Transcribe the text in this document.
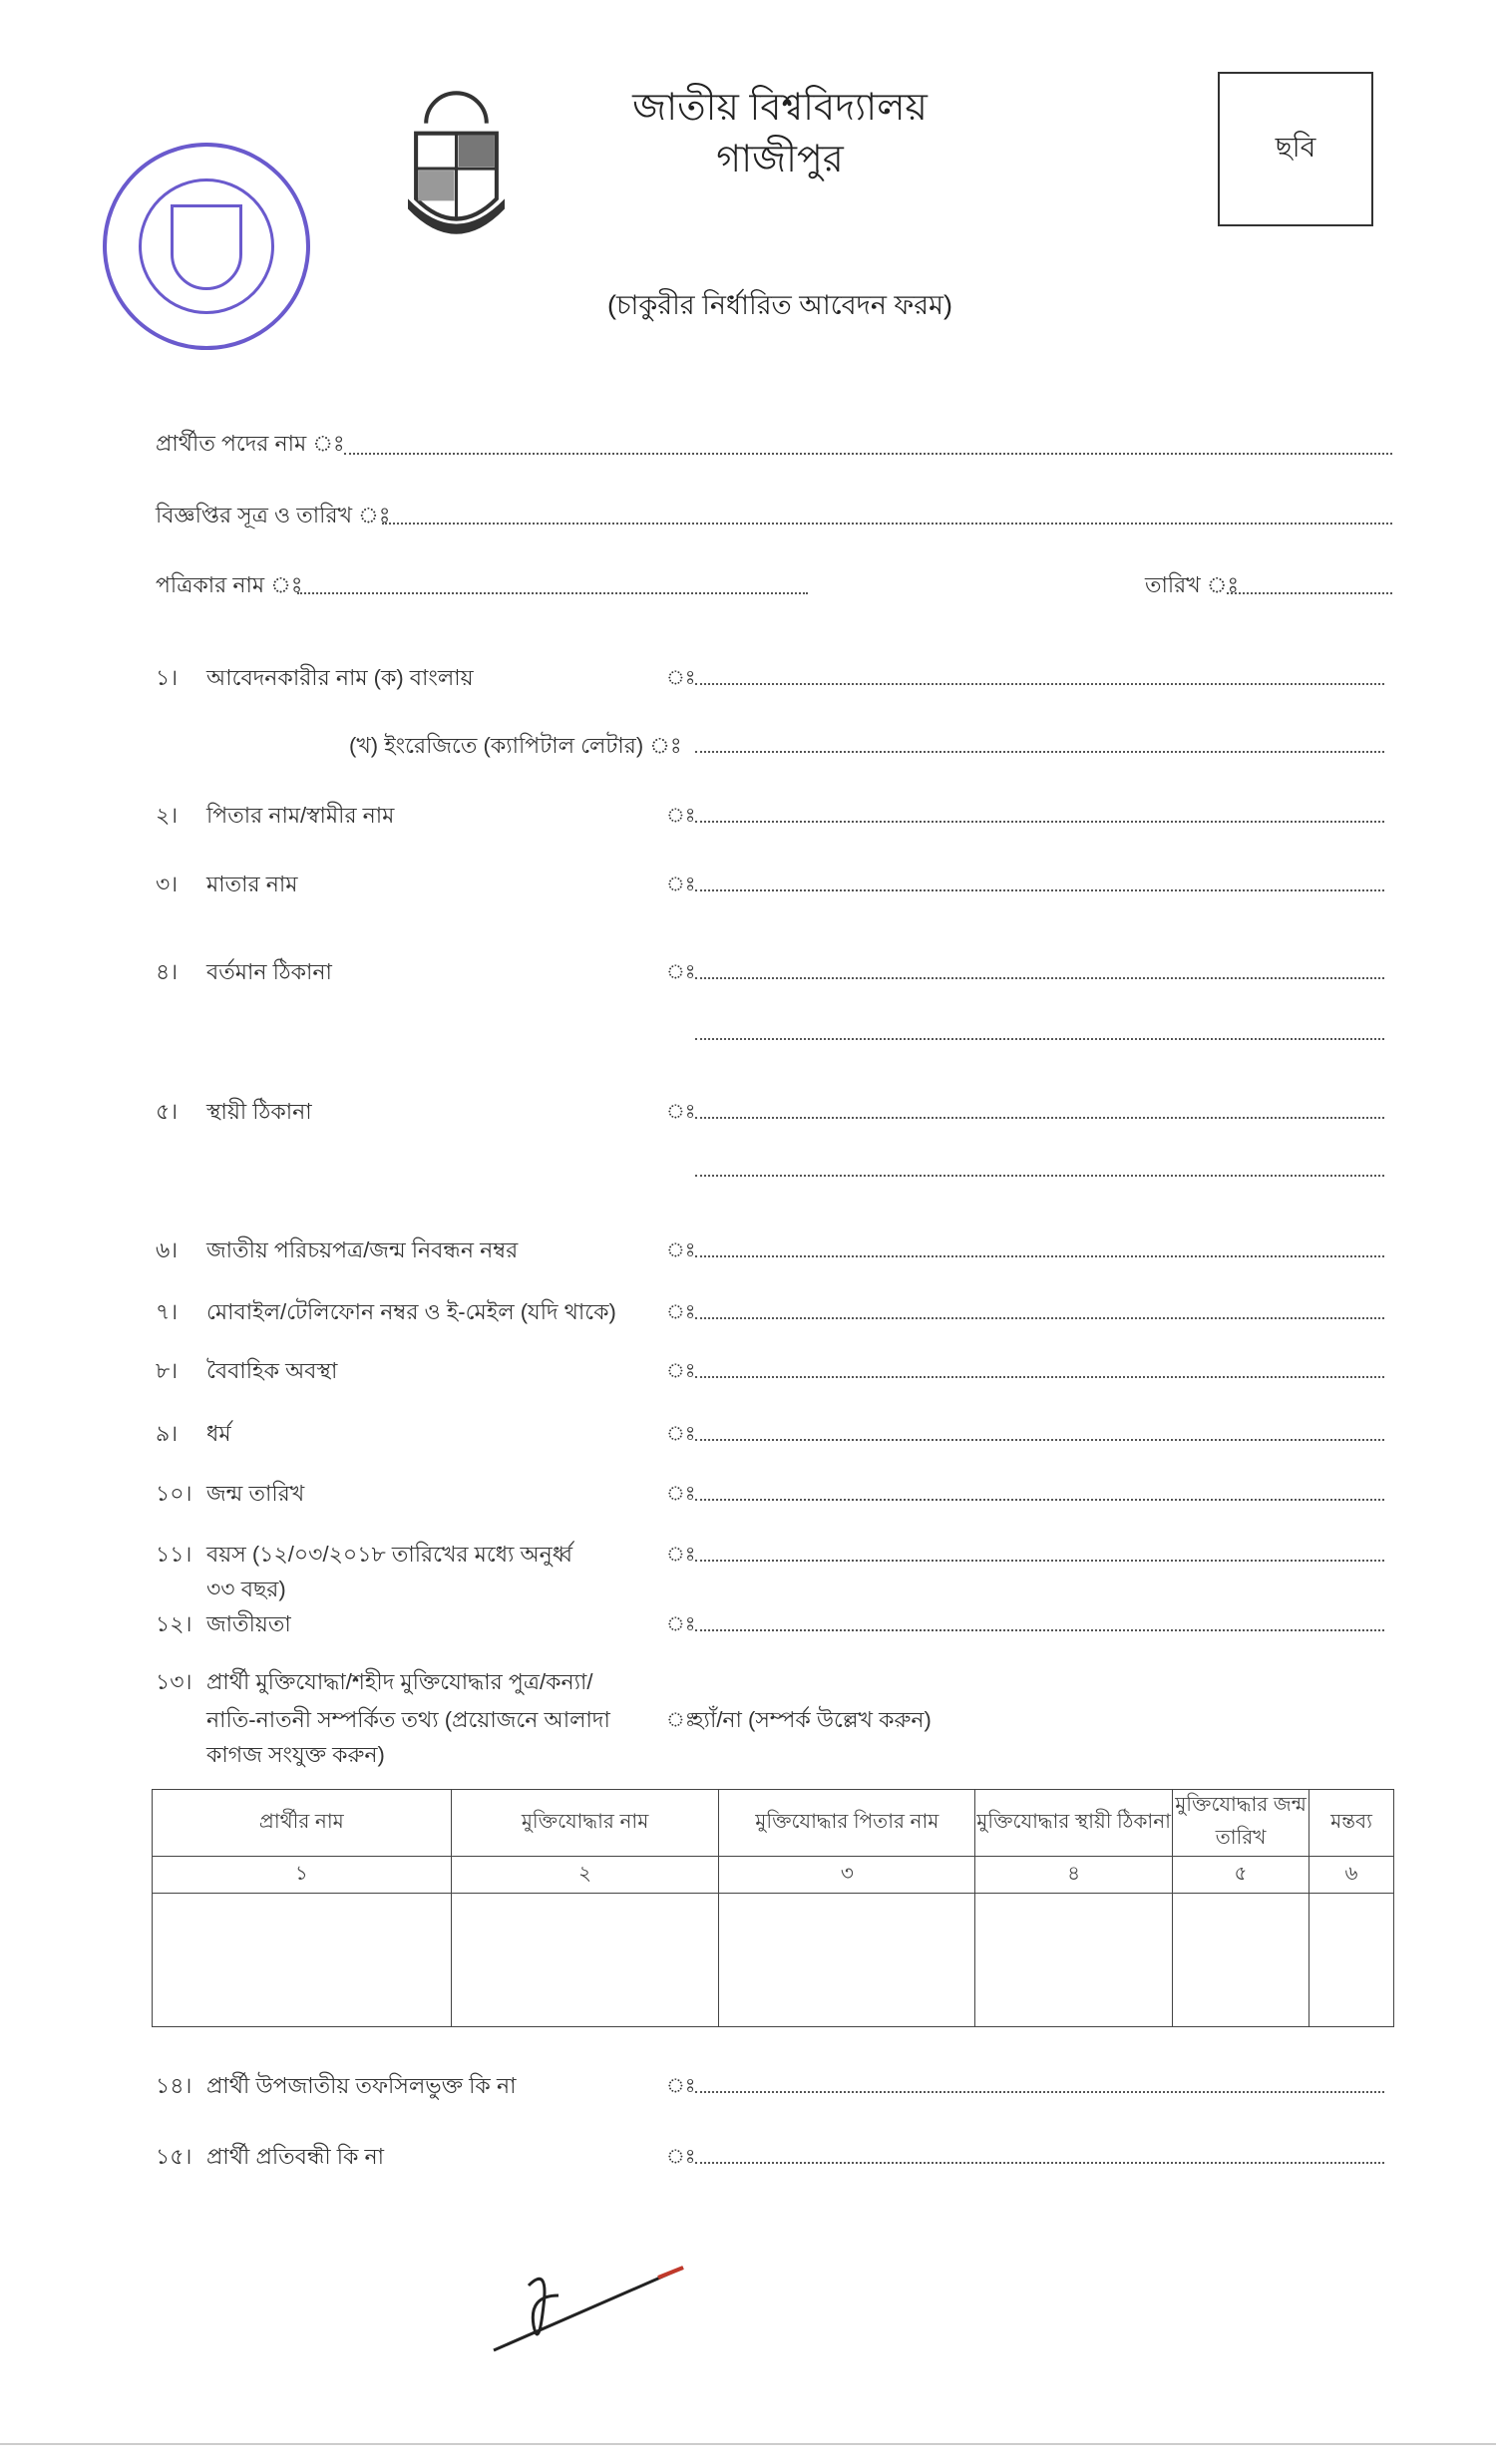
জাতীয় বিশ্ববিদ্যালয়
গাজীপুর	ছবি
(চাকুরীর নির্ধারিত আবেদন ফরম)
প্রার্থীত পদের নাম ঃ
বিজ্ঞপ্তির সূত্র ও তারিখ ঃ
পত্রিকার নাম ঃ	তারিখ ঃ
১। আবেদনকারীর নাম (ক) বাংলায়	ঃ
(খ) ইংরেজিতে (ক্যাপিটাল লেটার) ঃ
২। পিতার নাম/স্বামীর নাম	ঃ
৩। মাতার নাম	ঃ
৪। বর্তমান ঠিকানা	ঃ
৫। স্থায়ী ঠিকানা	ঃ
৬। জাতীয় পরিচয়পত্র/জন্ম নিবন্ধন নম্বর	ঃ
৭। মোবাইল/টেলিফোন নম্বর ও ই-মেইল (যদি থাকে)	ঃ
৮। বৈবাহিক অবস্থা	ঃ
৯। ধর্ম	ঃ
১০। জন্ম তারিখ	ঃ
১১। বয়স (১২/০৩/২০১৮ তারিখের মধ্যে অনুর্ধ্ব
৩৩ বছর)
ঃ
১২। জাতীয়তা	ঃ
১৩। প্রার্থী মুক্তিযোদ্ধা/শহীদ মুক্তিযোদ্ধার পুত্র/কন্যা/
নাতি-নাতনী সম্পর্কিত তথ্য (প্রয়োজনে আলাদা
কাগজ সংযুক্ত করুন)
ঃ
হ্যাঁ/না (সম্পর্ক উল্লেখ করুন)
১৪। প্রার্থী উপজাতীয় তফসিলভুক্ত কি না	ঃ
১৫। প্রার্থী প্রতিবন্ধী কি না	ঃ
প্রার্থীর নাম	মুক্তিযোদ্ধার নাম	মুক্তিযোদ্ধার পিতার নাম	মুক্তিযোদ্ধার স্থায়ী ঠিকানা	মুক্তিযোদ্ধার জন্ম তারিখ	মন্তব্য
১	২	৩	৪	৫	৬
